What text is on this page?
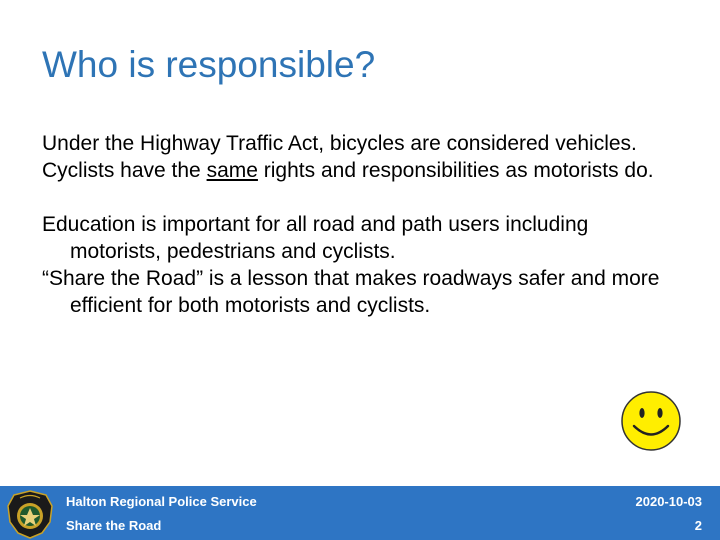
Who is responsible?

Under the Highway Traffic Act, bicycles are considered vehicles.

Cyclists have the same rights and responsibilities as motorists do.

Education is important for all road and path users including motorists, pedestrians and cyclists.

“Share the Road” is a lesson that makes roadways safer and more efficient for both motorists and cyclists.

Halton Regional Police Service
Share the Road
2020-10-03
2
